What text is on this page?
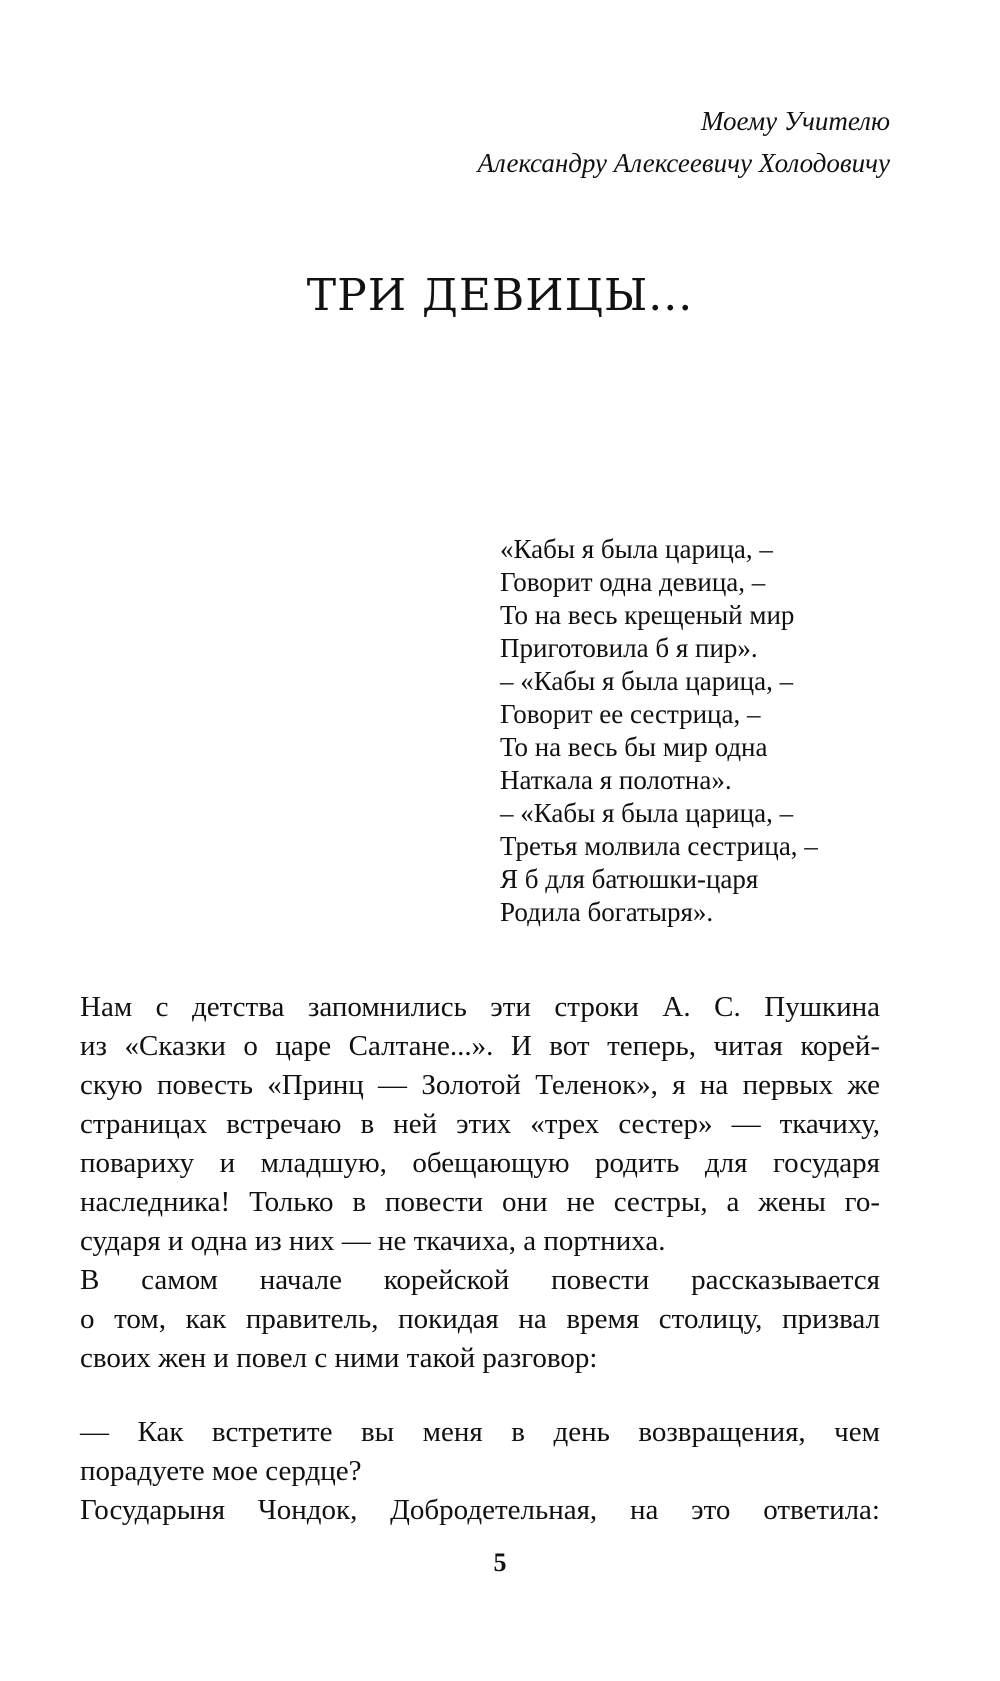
Моему Учителю
Александру Алексеевичу Холодовичу
ТРИ ДЕВИЦЫ...
«Кабы я была царица, –
Говорит одна девица, –
То на весь крещеный мир
Приготовила б я пир».
– «Кабы я была царица, –
Говорит ее сестрица, –
То на весь бы мир одна
Наткала я полотна».
– «Кабы я была царица, –
Третья молвила сестрица, –
Я б для батюшки-царя
Родила богатыря».

Нам с детства запомнились эти строки А. С. Пушкина
из «Сказки о царе Салтане...». И вот теперь, читая корей-
скую повесть «Принц — Золотой Теленок», я на первых же
страницах встречаю в ней этих «трех сестер» — ткачиху,
повариху и младшую, обещающую родить для государя
наследника! Только в повести они не сестры, а жены го-
сударя и одна из них — не ткачиха, а портниха.

В самом начале корейской повести рассказывается
о том, как правитель, покидая на время столицу, призвал
своих жен и повел с ними такой разговор:

— Как встретите вы меня в день возвращения, чем
порадуете мое сердце?

Государыня Чондок, Добродетельная, на это ответила:

5
